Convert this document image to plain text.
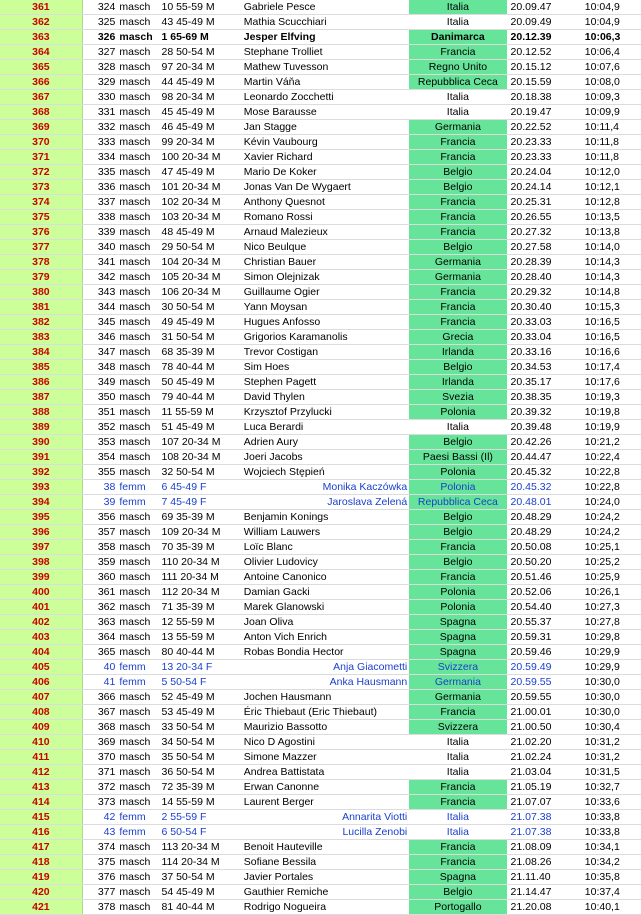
361	324	masch	10 55-59 M	Gabriele Pesce	Italia	20.09.47	10:04,9
362	325	masch	43 45-49 M	Mathia Scucchiari	Italia	20.09.49	10:04,9
363	326	masch	1 65-69 M	Jesper Elfving	Danimarca	20.12.39	10:06,3
364	327	masch	28 50-54 M	Stephane Trolliet	Francia	20.12.52	10:06,4
365	328	masch	97 20-34 M	Mathew Tuvesson	Regno Unito	20.15.12	10:07,6
366	329	masch	44 45-49 M	Martin Váňa	Repubblica Ceca	20.15.59	10:08,0
367	330	masch	98 20-34 M	Leonardo Zocchetti	Italia	20.18.38	10:09,3
368	331	masch	45 45-49 M	Mose Barausse	Italia	20.19.47	10:09,9
369	332	masch	46 45-49 M	Jan Stagge	Germania	20.22.52	10:11,4
370	333	masch	99 20-34 M	Kévin Vaubourg	Francia	20.23.33	10:11,8
371	334	masch	100 20-34 M	Xavier Richard	Francia	20.23.33	10:11,8
372	335	masch	47 45-49 M	Mario De Koker	Belgio	20.24.04	10:12,0
373	336	masch	101 20-34 M	Jonas Van De Wygaert	Belgio	20.24.14	10:12,1
374	337	masch	102 20-34 M	Anthony Quesnot	Francia	20.25.31	10:12,8
375	338	masch	103 20-34 M	Romano Rossi	Francia	20.26.55	10:13,5
376	339	masch	48 45-49 M	Arnaud Malezieux	Francia	20.27.32	10:13,8
377	340	masch	29 50-54 M	Nico Beulque	Belgio	20.27.58	10:14,0
378	341	masch	104 20-34 M	Christian Bauer	Germania	20.28.39	10:14,3
379	342	masch	105 20-34 M	Simon Olejnizak	Germania	20.28.40	10:14,3
380	343	masch	106 20-34 M	Guillaume Ogier	Francia	20.29.32	10:14,8
381	344	masch	30 50-54 M	Yann Moysan	Francia	20.30.40	10:15,3
382	345	masch	49 45-49 M	Hugues Anfosso	Francia	20.33.03	10:16,5
383	346	masch	31 50-54 M	Grigorios Karamanolis	Grecia	20.33.04	10:16,5
384	347	masch	68 35-39 M	Trevor Costigan	Irlanda	20.33.16	10:16,6
385	348	masch	78 40-44 M	Sim Hoes	Belgio	20.34.53	10:17,4
386	349	masch	50 45-49 M	Stephen Pagett	Irlanda	20.35.17	10:17,6
387	350	masch	79 40-44 M	David Thylen	Svezia	20.38.35	10:19,3
388	351	masch	11 55-59 M	Krzysztof Przylucki	Polonia	20.39.32	10:19,8
389	352	masch	51 45-49 M	Luca Berardi	Italia	20.39.48	10:19,9
390	353	masch	107 20-34 M	Adrien Aury	Belgio	20.42.26	10:21,2
391	354	masch	108 20-34 M	Joeri Jacobs	Paesi Bassi (Il)	20.44.47	10:22,4
392	355	masch	32 50-54 M	Wojciech Stępień	Polonia	20.45.32	10:22,8
393	38	femm	6 45-49 F	Monika Kaczówka	Polonia	20.45.32	10:22,8
394	39	femm	7 45-49 F	Jaroslava Zelená	Repubblica Ceca	20.48.01	10:24,0
395	356	masch	69 35-39 M	Benjamin Konings	Belgio	20.48.29	10:24,2
396	357	masch	109 20-34 M	William Lauwers	Belgio	20.48.29	10:24,2
397	358	masch	70 35-39 M	Loïc Blanc	Francia	20.50.08	10:25,1
398	359	masch	110 20-34 M	Olivier Ludovicy	Belgio	20.50.20	10:25,2
399	360	masch	111 20-34 M	Antoine Canonico	Francia	20.51.46	10:25,9
400	361	masch	112 20-34 M	Damian Gacki	Polonia	20.52.06	10:26,1
401	362	masch	71 35-39 M	Marek Glanowski	Polonia	20.54.40	10:27,3
402	363	masch	12 55-59 M	Joan Oliva	Spagna	20.55.37	10:27,8
403	364	masch	13 55-59 M	Anton Vich Enrich	Spagna	20.59.31	10:29,8
404	365	masch	80 40-44 M	Robas Bondia Hector	Spagna	20.59.46	10:29,9
405	40	femm	13 20-34 F	Anja Giacometti	Svizzera	20.59.49	10:29,9
406	41	femm	5 50-54 F	Anka Hausmann	Germania	20.59.55	10:30,0
407	366	masch	52 45-49 M	Jochen Hausmann	Germania	20.59.55	10:30,0
408	367	masch	53 45-49 M	Éric Thiebaut (Eric Thiebaut)	Francia	21.00.01	10:30,0
409	368	masch	33 50-54 M	Maurizio Bassotto	Svizzera	21.00.50	10:30,4
410	369	masch	34 50-54 M	Nico D Agostini	Italia	21.02.20	10:31,2
411	370	masch	35 50-54 M	Simone Mazzer	Italia	21.02.24	10:31,2
412	371	masch	36 50-54 M	Andrea Battistata	Italia	21.03.04	10:31,5
413	372	masch	72 35-39 M	Erwan Canonne	Francia	21.05.19	10:32,7
414	373	masch	14 55-59 M	Laurent Berger	Francia	21.07.07	10:33,6
415	42	femm	2 55-59 F	Annarita Viotti	Italia	21.07.38	10:33,8
416	43	femm	6 50-54 F	Lucilla Zenobi	Italia	21.07.38	10:33,8
417	374	masch	113 20-34 M	Benoit Hauteville	Francia	21.08.09	10:34,1
418	375	masch	114 20-34 M	Sofiane Bessila	Francia	21.08.26	10:34,2
419	376	masch	37 50-54 M	Javier Portales	Spagna	21.11.40	10:35,8
420	377	masch	54 45-49 M	Gauthier Remiche	Belgio	21.14.47	10:37,4
421	378	masch	81 40-44 M	Rodrigo Nogueira	Portogallo	21.20.08	10:40,1
